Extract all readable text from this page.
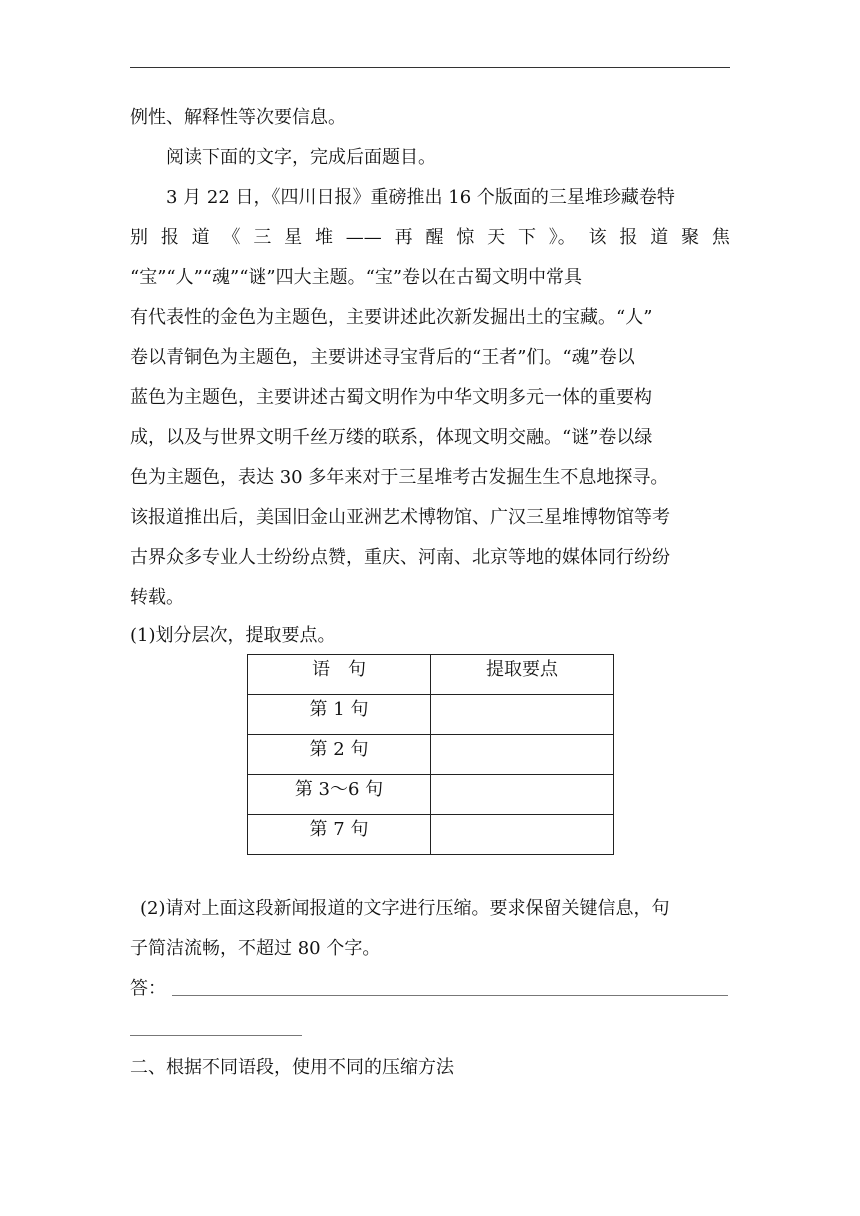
例性、解释性等次要信息。
阅读下面的文字，完成后面题目。
3 月 22 日，《四川日报》重磅推出 16 个版面的三星堆珍藏卷特
别 报 道 《 三 星 堆 —— 再 醒 惊 天 下 》。 该 报 道 聚 焦
“宝”“人”“魂”“谜”四大主题。“宝”卷以在古蜀文明中常具
有代表性的金色为主题色，主要讲述此次新发掘出土的宝藏。“人”
卷以青铜色为主题色，主要讲述寻宝背后的“王者”们。“魂”卷以
蓝色为主题色，主要讲述古蜀文明作为中华文明多元一体的重要构
成，以及与世界文明千丝万缕的联系，体现文明交融。“谜”卷以绿
色为主题色，表达 30 多年来对于三星堆考古发掘生生不息地探寻。
该报道推出后，美国旧金山亚洲艺术博物馆、广汉三星堆博物馆等考
古界众多专业人士纷纷点赞，重庆、河南、北京等地的媒体同行纷纷
转载。
(1)划分层次，提取要点。
语　句	提取要点
第 1 句	
第 2 句	
第 3～6 句	
第 7 句	
(2)请对上面这段新闻报道的文字进行压缩。要求保留关键信息，句
子简洁流畅，不超过 80 个字。
答：
二、根据不同语段，使用不同的压缩方法
